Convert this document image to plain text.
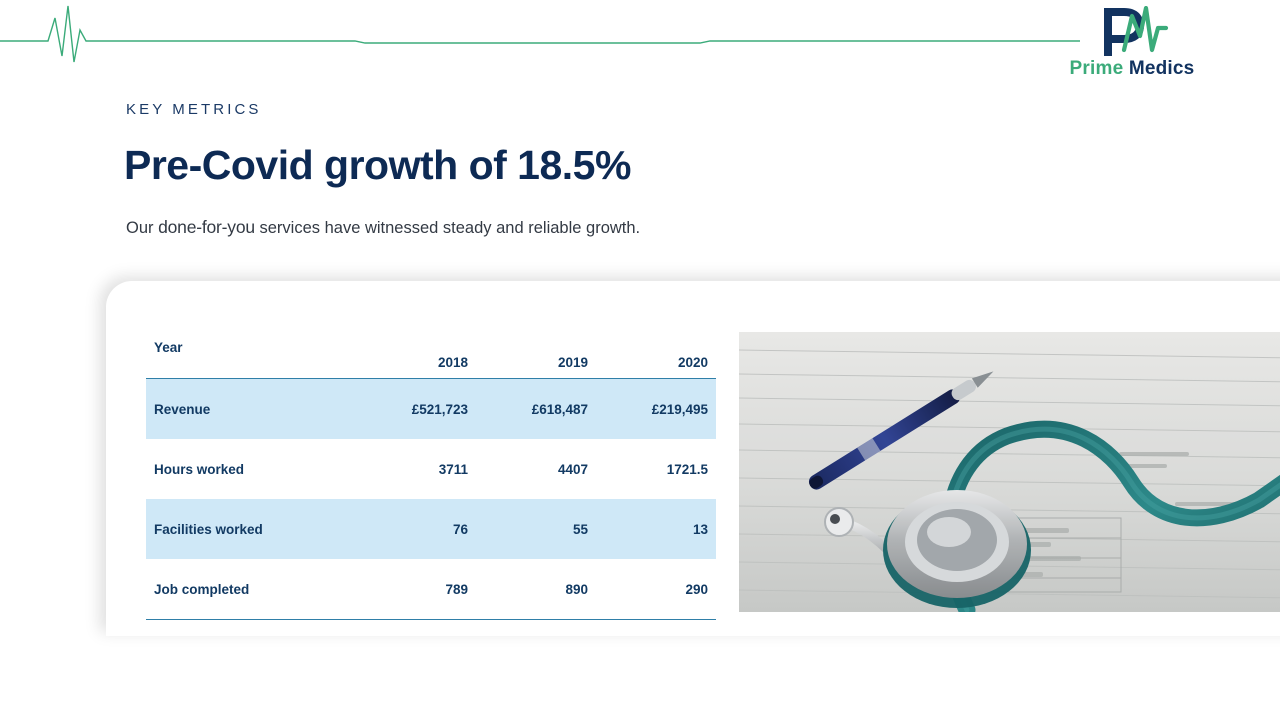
Prime Medics
KEY METRICS
Pre-Covid growth of 18.5%
Our done-for-you services have witnessed steady and reliable growth.
Year	2018	2019	2020
Revenue	£521,723	£618,487	£219,495
Hours worked	3711	4407	1721.5
Facilities worked	76	55	13
Job completed	789	890	290
